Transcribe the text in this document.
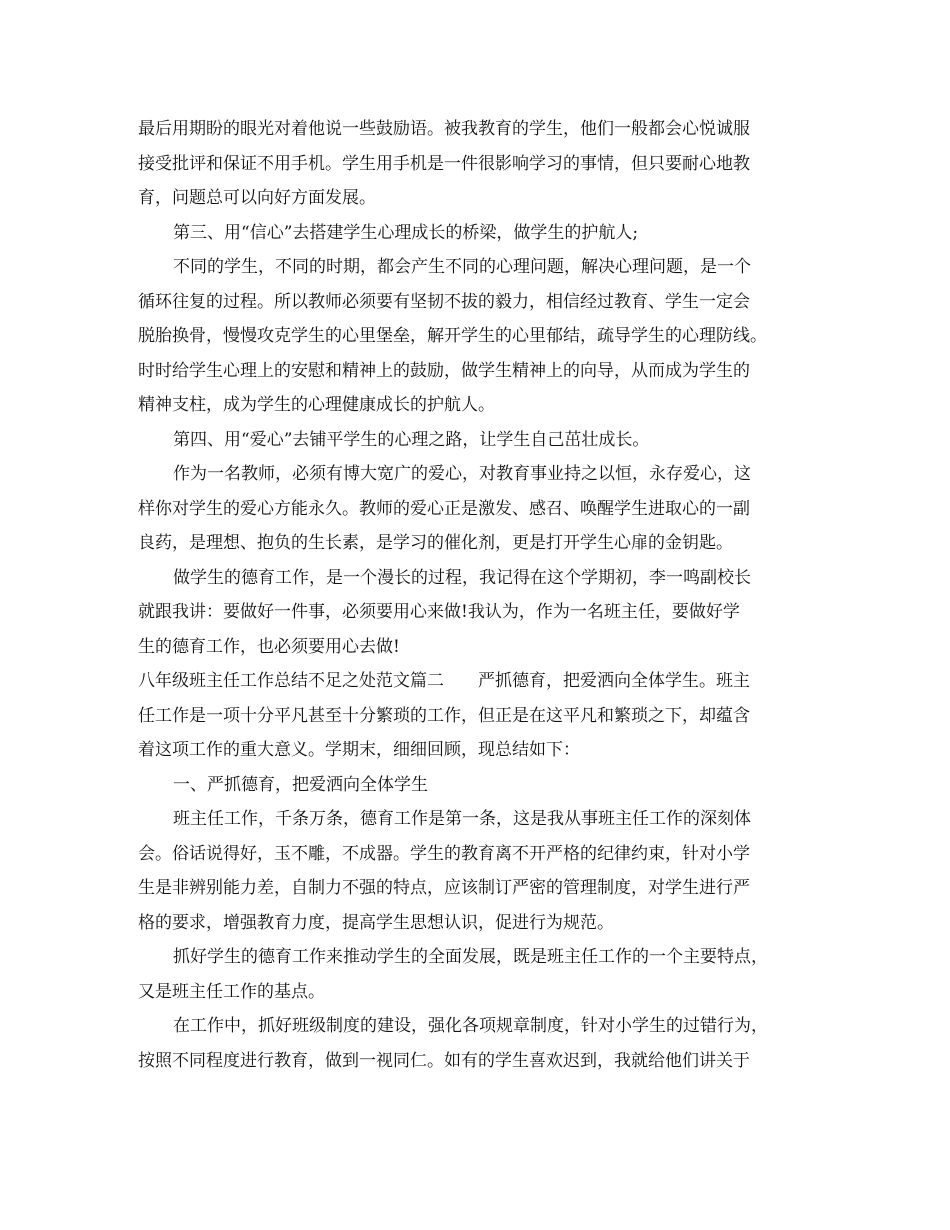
最后用期盼的眼光对着他说一些鼓励语。被我教育的学生，他们一般都会心悦诚服
接受批评和保证不用手机。学生用手机是一件很影响学习的事情，但只要耐心地教
育，问题总可以向好方面发展。
第三、用“信心”去搭建学生心理成长的桥梁，做学生的护航人;
不同的学生，不同的时期，都会产生不同的心理问题，解决心理问题，是一个
循环往复的过程。所以教师必须要有坚韧不拔的毅力，相信经过教育、学生一定会
脱胎换骨，慢慢攻克学生的心里堡垒，解开学生的心里郁结，疏导学生的心理防线。
时时给学生心理上的安慰和精神上的鼓励，做学生精神上的向导，从而成为学生的
精神支柱，成为学生的心理健康成长的护航人。
第四、用“爱心”去铺平学生的心理之路，让学生自己茁壮成长。
作为一名教师，必须有博大宽广的爱心，对教育事业持之以恒，永存爱心，这
样你对学生的爱心方能永久。教师的爱心正是激发、感召、唤醒学生进取心的一副
良药，是理想、抱负的生长素，是学习的催化剂，更是打开学生心扉的金钥匙。
做学生的德育工作，是一个漫长的过程，我记得在这个学期初，李一鸣副校长
就跟我讲：要做好一件事，必须要用心来做!我认为，作为一名班主任，要做好学
生的德育工作，也必须要用心去做!
八年级班主任工作总结不足之处范文篇二　　严抓德育，把爱洒向全体学生。班主
任工作是一项十分平凡甚至十分繁琐的工作，但正是在这平凡和繁琐之下，却蕴含
着这项工作的重大意义。学期末，细细回顾，现总结如下：
一、严抓德育，把爱洒向全体学生
班主任工作，千条万条，德育工作是第一条，这是我从事班主任工作的深刻体
会。俗话说得好，玉不雕，不成器。学生的教育离不开严格的纪律约束，针对小学
生是非辨别能力差，自制力不强的特点，应该制订严密的管理制度，对学生进行严
格的要求，增强教育力度，提高学生思想认识，促进行为规范。
抓好学生的德育工作来推动学生的全面发展，既是班主任工作的一个主要特点，
又是班主任工作的基点。
在工作中，抓好班级制度的建设，强化各项规章制度，针对小学生的过错行为，
按照不同程度进行教育，做到一视同仁。如有的学生喜欢迟到，我就给他们讲关于
